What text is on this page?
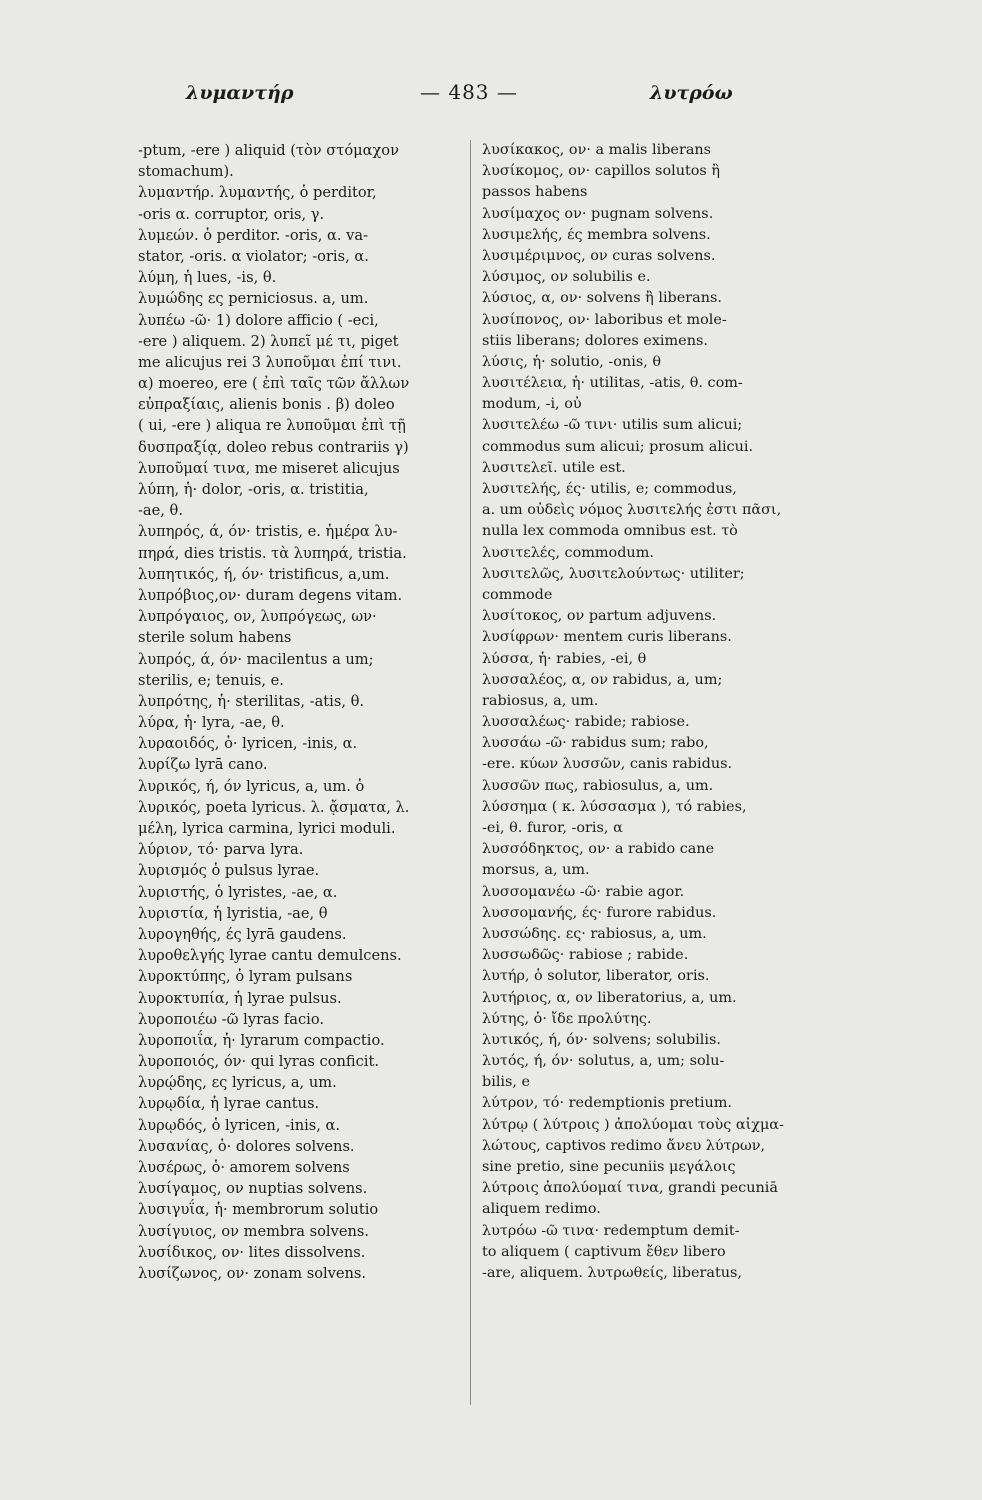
λυμαντήρ	— 483 —	λυτρόω
-ptum, -ere ) aliquid (τὸν στόμαχον
stomachum).
λυμαντήρ. λυμαντής, ὁ perditor,
-oris α. corruptor, oris, γ.
λυμεών. ὁ perditor. -oris, α. va-
stator, -oris. α violator; -oris, α.
λύμη, ἡ lues, -is, θ.
λυμώδης ες perniciosus. a, um.
λυπέω -ῶ· 1) dolore afficio ( -eci,
-ere ) aliquem. 2) λυπεῖ μέ τι, piget
me alicujus rei 3 λυποῦμαι ἐπί τινι.
α) moereo, ere ( ἐπὶ ταῖς τῶν ἄλλων
εὐπραξίαις, alienis bonis . β) doleo
( ui, -ere ) aliqua re λυποῦμαι ἐπὶ τῇ
δυσπραξίᾳ, doleo rebus contrariis γ)
λυποῦμαί τινα, me miseret alicujus
λύπη, ἡ· dolor, -oris, α. tristitia,
-ae, θ.
λυπηρός, ά, όν· tristis, e. ἡμέρα λυ-
πηρά, dies tristis. τὰ λυπηρά, tristia.
λυπητικός, ή, όν· tristificus, a,um.
λυπρόβιος,ον· duram degens vitam.
λυπρόγαιος, ον, λυπρόγεως, ων·
sterile solum habens
λυπρός, ά, όν· macilentus a um;
sterilis, e; tenuis, e.
λυπρότης, ἡ· sterilitas, -atis, θ.
λύρα, ἡ· lyra, -ae, θ.
λυραοιδός, ὁ· lyricen, -inis, α.
λυρίζω lyrā cano.
λυρικός, ή, όν lyricus, a, um. ὁ
λυρικός, poeta lyricus. λ. ᾄσματα, λ.
μέλη, lyrica carmina, lyrici moduli.
λύριον, τό· parva lyra.
λυρισμός ὁ pulsus lyrae.
λυριστής, ὁ lyristes, -ae, α.
λυριστία, ἡ lyristia, -ae, θ
λυρογηθής, ές lyrā gaudens.
λυροθελγής lyrae cantu demulcens.
λυροκτύπης, ὁ lyram pulsans
λυροκτυπία, ἡ lyrae pulsus.
λυροποιέω -ῶ lyras facio.
λυροποιΐα, ἡ· lyrarum compactio.
λυροποιός, όν· qui lyras conficit.
λυρῴδης, ες lyricus, a, um.
λυρῳδία, ἡ lyrae cantus.
λυρῳδός, ὁ lyricen, -inis, α.
λυσανίας, ὁ· dolores solvens.
λυσέρως, ὁ· amorem solvens
λυσίγαμος, ον nuptias solvens.
λυσιγυΐα, ἡ· membrorum solutio
λυσίγυιος, ον membra solvens.
λυσίδικος, ον· lites dissolvens.
λυσίζωνος, ον· zonam solvens.
λυσίκακος, ον· a malis liberans
λυσίκομος, ον· capillos solutos ἢ
passos habens
λυσίμαχος ον· pugnam solvens.
λυσιμελής, ές membra solvens.
λυσιμέριμνος, ον curas solvens.
λύσιμος, ον solubilis e.
λύσιος, α, ον· solvens ἢ liberans.
λυσίπονος, ον· laboribus et mole-
stiis liberans; dolores eximens.
λύσις, ἡ· solutio, -onis, θ
λυσιτέλεια, ἡ· utilitas, -atis, θ. com-
modum, -i, οὐ
λυσιτελέω -ῶ τινι· utilis sum alicui;
commodus sum alicui; prosum alicui.
λυσιτελεῖ. utile est.
λυσιτελής, ές· utilis, e; commodus,
a. um οὐδεὶς νόμος λυσιτελής ἐστι πᾶσι,
nulla lex commoda omnibus est. τὸ
λυσιτελές, commodum.
λυσιτελῶς, λυσιτελούντως· utiliter;
commode
λυσίτοκος, ον partum adjuvens.
λυσίφρων· mentem curis liberans.
λύσσα, ἡ· rabies, -ei, θ
λυσσαλέος, α, ον rabidus, a, um;
rabiosus, a, um.
λυσσαλέως· rabide; rabiose.
λυσσάω -ῶ· rabidus sum; rabo,
-ere. κύων λυσσῶν, canis rabidus.
λυσσῶν πως, rabiosulus, a, um.
λύσσημα ( κ. λύσσασμα ), τό rabies,
-ei, θ. furor, -oris, α
λυσσόδηκτος, ον· a rabido cane
morsus, a, um.
λυσσομανέω -ῶ· rabie agor.
λυσσομανής, ές· furore rabidus.
λυσσώδης. ες· rabiosus, a, um.
λυσσωδῶς· rabiose ; rabide.
λυτήρ, ὁ solutor, liberator, oris.
λυτήριος, α, ον liberatorius, a, um.
λύτης, ὁ· ἴδε προλύτης.
λυτικός, ή, όν· solvens; solubilis.
λυτός, ή, όν· solutus, a, um; solu-
bilis, e
λύτρον, τό· redemptionis pretium.
λύτρῳ ( λύτροις ) ἀπολύομαι τοὺς αἰχμα-
λώτους, captivos redimo ἄνευ λύτρων,
sine pretio, sine pecuniis μεγάλοις
λύτροις ἀπολύομαί τινα, grandi pecuniā
aliquem redimo.
λυτρόω -ῶ τινα· redemptum demit-
to aliquem ( captivum ἔθεν libero
-are, aliquem. λυτρωθείς, liberatus,
